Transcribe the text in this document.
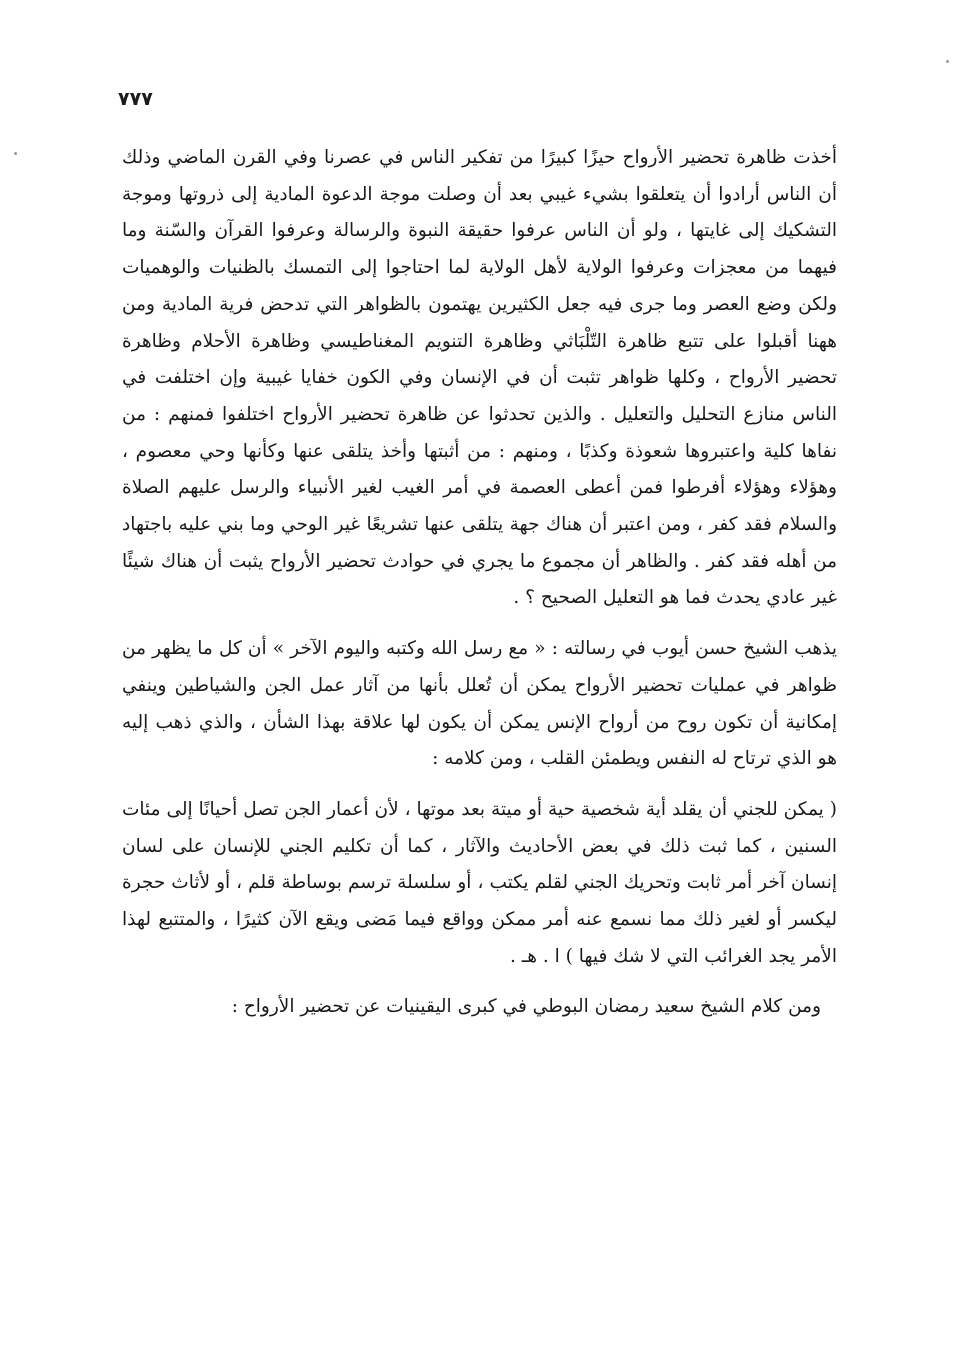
٧٧٧

أخذت ظاهرة تحضير الأرواح حيزًا كبيرًا من تفكير الناس في عصرنا وفي القرن الماضي وذلك أن الناس أرادوا أن يتعلقوا بشيء غيبي بعد أن وصلت موجة الدعوة المادية إلى ذروتها وموجة التشكيك إلى غايتها ، ولو أن الناس عرفوا حقيقة النبوة والرسالة وعرفوا القرآن والسّنة وما فيهما من معجزات وعرفوا الولاية لأهل الولاية لما احتاجوا إلى التمسك بالظنيات والوهميات ولكن وضع العصر وما جرى فيه جعل الكثيرين يهتمون بالظواهر التي تدحض فرية المادية ومن ههنا أقبلوا على تتبع ظاهرة التّلْبَاثي وظاهرة التنويم المغناطيسي وظاهرة الأحلام وظاهرة تحضير الأرواح ، وكلها ظواهر تثبت أن في الإنسان وفي الكون خفايا غيبية وإن اختلفت في الناس منازع التحليل والتعليل . والذين تحدثوا عن ظاهرة تحضير الأرواح اختلفوا فمنهم : من نفاها كلية واعتبروها شعوذة وكذبًا ، ومنهم : من أثبتها وأخذ يتلقى عنها وكأنها وحي معصوم ، وهؤلاء وهؤلاء أفرطوا فمن أعطى العصمة في أمر الغيب لغير الأنبياء والرسل عليهم الصلاة والسلام فقد كفر ، ومن اعتبر أن هناك جهة يتلقى عنها تشريعًا غير الوحي وما بني عليه باجتهاد من أهله فقد كفر . والظاهر أن مجموع ما يجري في حوادث تحضير الأرواح يثبت أن هناك شيئًا غير عادي يحدث فما هو التعليل الصحيح ؟ .

يذهب الشيخ حسن أيوب في رسالته : « مع رسل الله وكتبه واليوم الآخر » أن كل ما يظهر من ظواهر في عمليات تحضير الأرواح يمكن أن تُعلل بأنها من آثار عمل الجن والشياطين وينفي إمكانية أن تكون روح من أرواح الإنس يمكن أن يكون لها علاقة بهذا الشأن ، والذي ذهب إليه هو الذي ترتاح له النفس ويطمئن القلب ، ومن كلامه :

( يمكن للجني أن يقلد أية شخصية حية أو ميتة بعد موتها ، لأن أعمار الجن تصل أحيانًا إلى مئات السنين ، كما ثبت ذلك في بعض الأحاديث والآثار ، كما أن تكليم الجني للإنسان على لسان إنسان آخر أمر ثابت وتحريك الجني لقلم يكتب ، أو سلسلة ترسم بوساطة قلم ، أو لأثاث حجرة ليكسر أو لغير ذلك مما نسمع عنه أمر ممكن وواقع فيما مَضى ويقع الآن كثيرًا ، والمتتبع لهذا الأمر يجد الغرائب التي لا شك فيها ) ا . هـ .

ومن كلام الشيخ سعيد رمضان البوطي في كبرى اليقينيات عن تحضير الأرواح :
